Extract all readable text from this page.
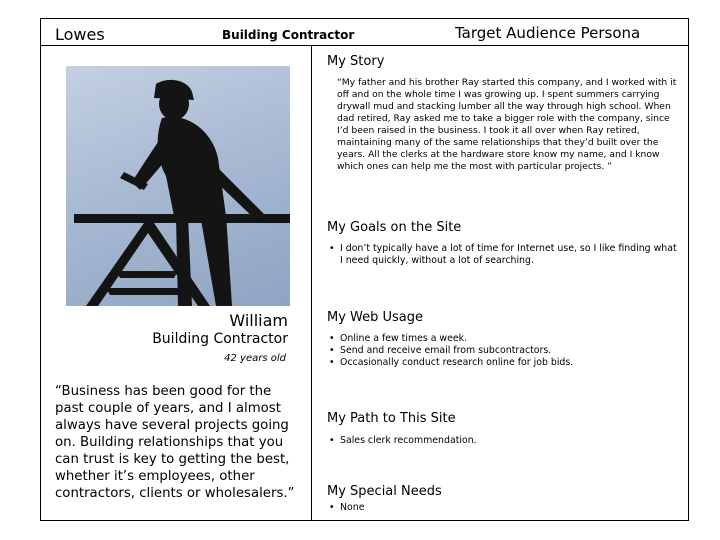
Lowes	Building Contractor	Target Audience Persona
William
Building Contractor
42 years old
“Business has been good for the past couple of years, and I almost always have several projects going on. Building relationships that you can trust is key to getting the best, whether it’s employees, other contractors, clients or wholesalers.”
My Story
“My father and his brother Ray started this company, and I worked with it off and on the whole time I was growing up. I spent summers carrying drywall mud and stacking lumber all the way through high school. When dad retired, Ray asked me to take a bigger role with the company, since I’d been raised in the business. I took it all over when Ray retired, maintaining many of the same relationships that they’d built over the years. All the clerks at the hardware store know my name, and I know which ones can help me the most with particular projects. ”
My Goals on the Site
• I don’t typically have a lot of time for Internet use, so I like finding what I need quickly, without a lot of searching.
My Web Usage
• Online a few times a week.
• Send and receive email from subcontractors.
• Occasionally conduct research online for job bids.
My Path to This Site
• Sales clerk recommendation.
My Special Needs
• None
